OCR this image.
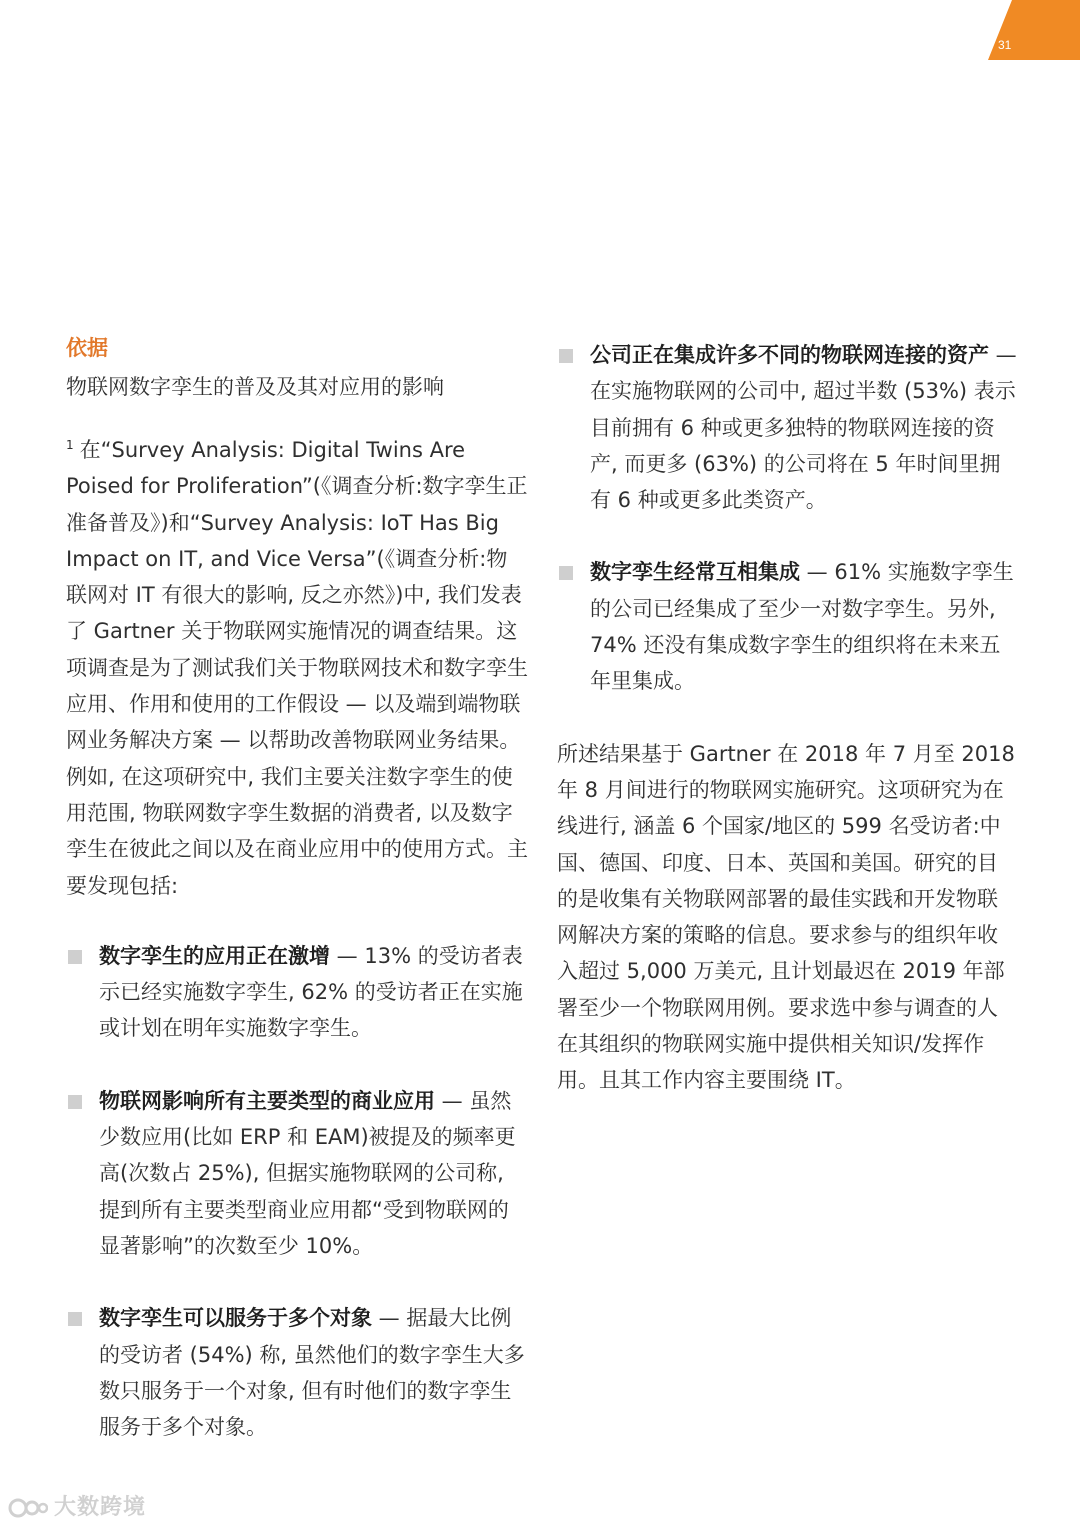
31
依据

物联网数字孪生的普及及其对应用的影响

$^1$ 在“Survey Analysis: Digital Twins Are Poised for Proliferation”(《调查分析:数字孪生正准备普及》)和“Survey Analysis: IoT Has Big Impact on IT, and Vice Versa”(《调查分析:物联网对 IT 有很大的影响, 反之亦然》)中, 我们发表了 Gartner 关于物联网实施情况的调查结果。这项调查是为了测试我们关于物联网技术和数字孪生应用、作用和使用的工作假设 — 以及端到端物联网业务解决方案 — 以帮助改善物联网业务结果。例如, 在这项研究中, 我们主要关注数字孪生的使用范围, 物联网数字孪生数据的消费者, 以及数字孪生在彼此之间以及在商业应用中的使用方式。主要发现包括:

数字孪生的应用正在激增 — 13% 的受访者表示已经实施数字孪生, 62% 的受访者正在实施或计划在明年实施数字孪生。
物联网影响所有主要类型的商业应用 — 虽然少数应用(比如 ERP 和 EAM)被提及的频率更高(次数占 25%), 但据实施物联网的公司称, 提到所有主要类型商业应用都“受到物联网的显著影响”的次数至少 10%。
数字孪生可以服务于多个对象 — 据最大比例的受访者 (54%) 称, 虽然他们的数字孪生大多数只服务于一个对象, 但有时他们的数字孪生服务于多个对象。
公司正在集成许多不同的物联网连接的资产 — 在实施物联网的公司中, 超过半数 (53%) 表示目前拥有 6 种或更多独特的物联网连接的资产, 而更多 (63%) 的公司将在 5 年时间里拥有 6 种或更多此类资产。
数字孪生经常互相集成 — 61% 实施数字孪生的公司已经集成了至少一对数字孪生。另外, 74% 还没有集成数字孪生的组织将在未来五年里集成。

所述结果基于 Gartner 在 2018 年 7 月至 2018 年 8 月间进行的物联网实施研究。这项研究为在线进行, 涵盖 6 个国家/地区的 599 名受访者:中国、德国、印度、日本、英国和美国。研究的目的是收集有关物联网部署的最佳实践和开发物联网解决方案的策略的信息。要求参与的组织年收入超过 5,000 万美元, 且计划最迟在 2019 年部署至少一个物联网用例。要求选中参与调查的人在其组织的物联网实施中提供相关知识/发挥作用。且其工作内容主要围绕 IT。

大数跨境
